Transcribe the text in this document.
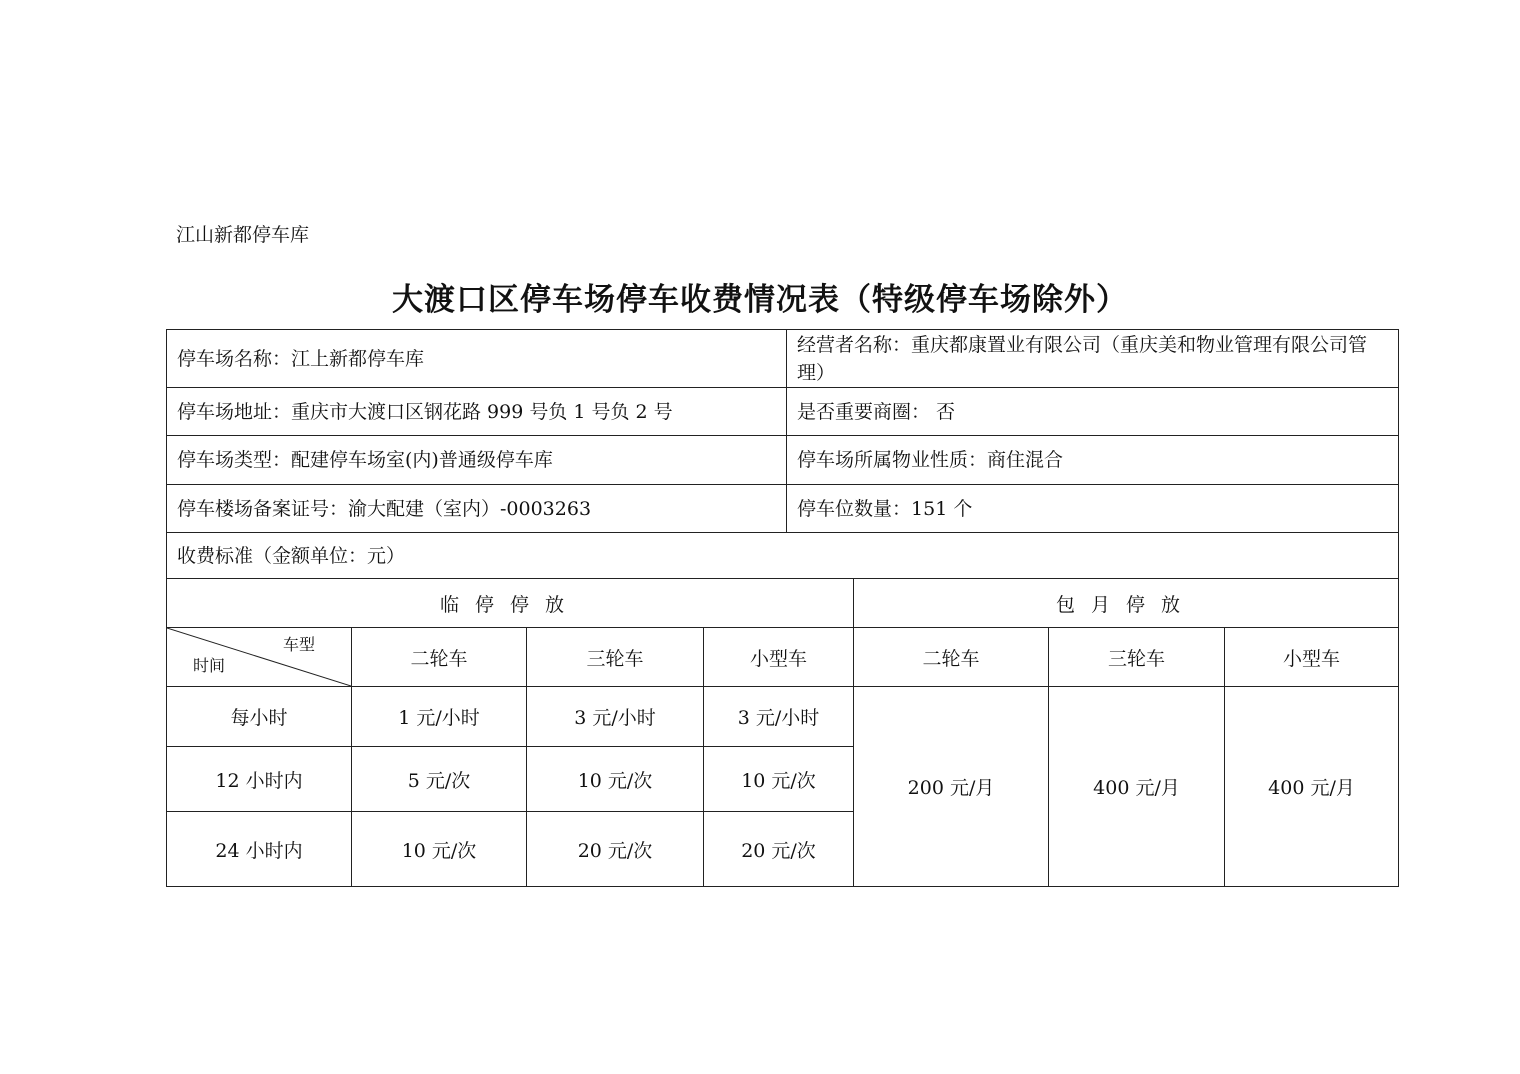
江山新都停车库
大渡口区停车场停车收费情况表（特级停车场除外）
停车场名称：江上新都停车库				经营者名称：重庆都康置业有限公司（重庆美和物业管理有限公司管理）			
停车场地址：重庆市大渡口区钢花路 999 号负 1 号负 2 号				是否重要商圈： 否			
停车场类型：配建停车场室(内)普通级停车库				停车场所属物业性质：商住混合			
停车楼场备案证号：渝大配建（室内）-0003263				停车位数量：151 个			
收费标准（金额单位：元）							
临停停放					包月停放		

车型
时间	二轮车	三轮车	小型车		二轮车	三轮车	小型车
每小时	1 元/小时	3 元/小时	3 元/小时		200 元/月	400 元/月	400 元/月
12 小时内	5 元/次	10 元/次	10 元/次				
24 小时内	10 元/次	20 元/次	20 元/次				
